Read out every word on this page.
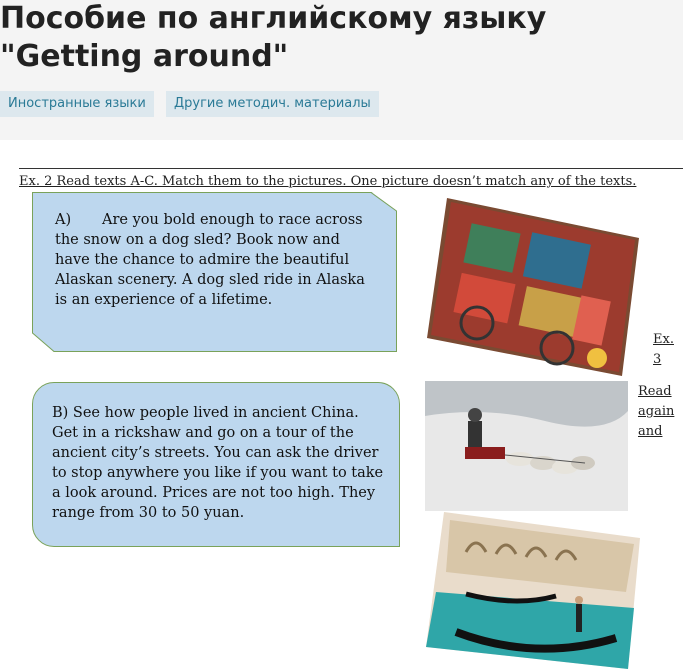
Пособие по английскому языку "Getting around"
Иностранные языки	Другие методич. материалы
Ex. 2 Read texts A-C. Match them to the pictures. One picture doesn’t match any of the texts.
A) Are you bold enough to race across the snow on a dog sled? Book now and have the chance to admire the beautiful Alaskan scenery. A dog sled ride in Alaska is an experience of a lifetime.
B) See how people lived in ancient China. Get in a rickshaw and go on a tour of the ancient city’s streets. You can ask the driver to stop anywhere you like if you want to take a look around. Prices are not too high. They range from 30 to 50 yuan.
Ex. 3
Read again and
